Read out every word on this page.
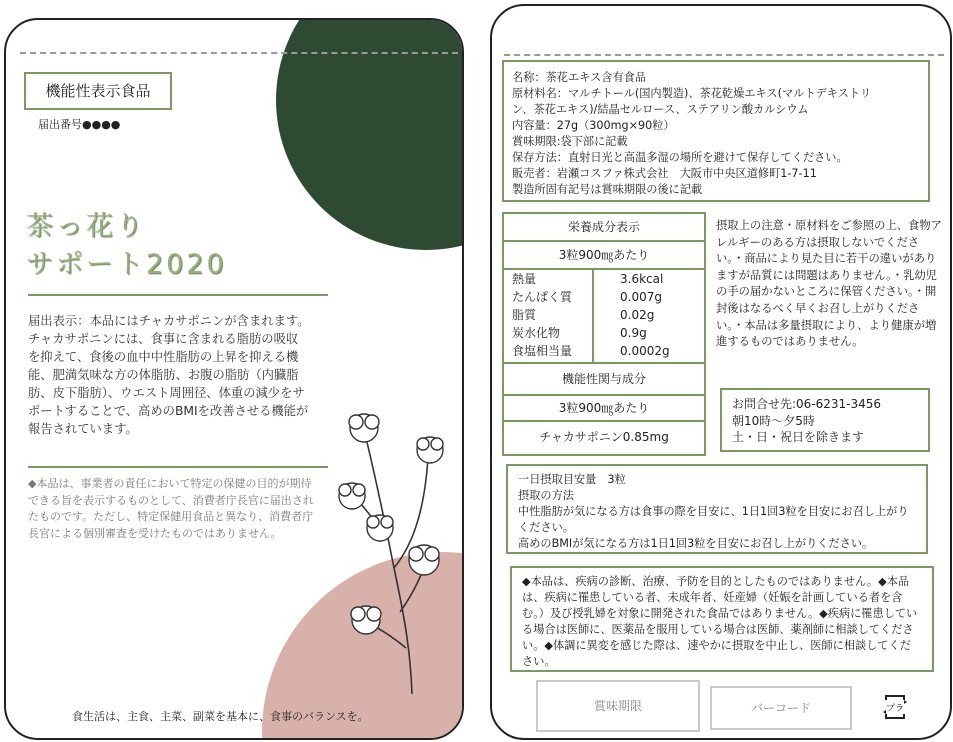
機能性表示食品
届出番号●●●●
茶っ花り
サポート2020
届出表示：本品にはチャカサポニンが含まれます。チャカサポニンには、食事に含まれる脂肪の吸収を抑えて、食後の血中中性脂肪の上昇を抑える機能、肥満気味な方の体脂肪、お腹の脂肪（内臓脂肪、皮下脂肪）、ウエスト周囲径、体重の減少をサポートすることで、高めのBMIを改善させる機能が報告されています。
◆本品は、事業者の責任において特定の保健の目的が期待できる旨を表示するものとして、消費者庁長官に届出されたものです。ただし、特定保健用食品と異なり、消費者庁長官による個別審査を受けたものではありません。
食生活は、主食、主菜、副菜を基本に、食事のバランスを。
名称：茶花エキス含有食品
原材料名：マルチトール(国内製造)、茶花乾燥エキス(マルトデキストリ
ン、茶花エキス)/結晶セルロース、ステアリン酸カルシウム
内容量：27g（300mg×90粒）
賞味期限:袋下部に記載
保存方法：直射日光と高温多湿の場所を避けて保存してください。
販売者：岩瀬コスファ株式会社　大阪市中央区道修町1-7-11
製造所固有記号は賞味期限の後に記載
栄養成分表示
3粒900㎎あたり
熱量	3.6kcal
たんぱく質	0.007g
脂質	0.02g
炭水化物	0.9g
食塩相当量	0.0002g
機能性関与成分
3粒900㎎あたり
チャカサポニン0.85mg
摂取上の注意・原材料をご参照の上、食物アレルギーのある方は摂取しないでください。・商品により見た目に若干の違いがありますが品質には問題はありません。・乳幼児の手の届かないところに保管ください。・開封後はなるべく早くお召し上がりください。・本品は多量摂取により、より健康が増進するものではありません。
お問合せ先:06-6231-3456
朝10時～夕5時
土・日・祝日を除きます
一日摂取目安量　3粒
摂取の方法
中性脂肪が気になる方は食事の際を目安に、1日1回3粒を目安にお召し上がりください。
高めのBMIが気になる方は1日1回3粒を目安にお召し上がりください。
◆本品は、疾病の診断、治療、予防を目的としたものではありません。◆本品は、疾病に罹患している者、未成年者、妊産婦（妊娠を計画している者を含む。）及び授乳婦を対象に開発された食品ではありません。◆疾病に罹患している場合は医師に、医薬品を服用している場合は医師、薬剤師に相談してください。◆体調に異変を感じた際は、速やかに摂取を中止し、医師に相談してください。
賞味期限	バーコード	プラ
